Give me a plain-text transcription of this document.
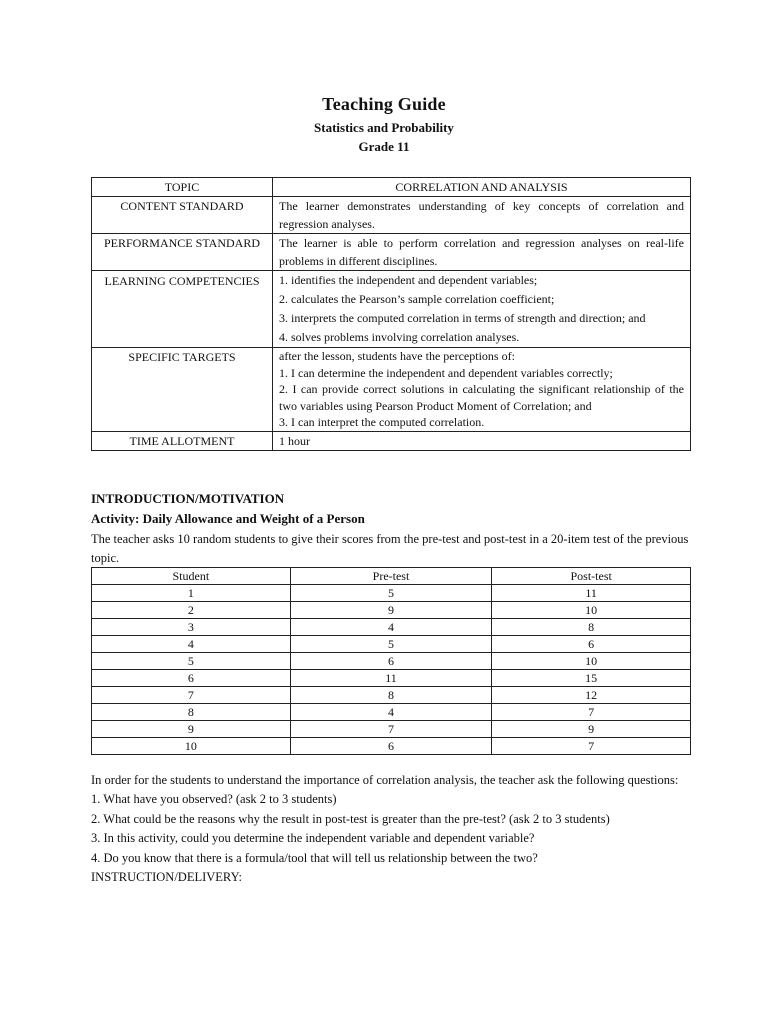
Teaching Guide
Statistics and Probability
Grade 11
TOPIC	CORRELATION AND ANALYSIS
CONTENT STANDARD	The learner demonstrates understanding of key concepts of correlation and regression analyses.
PERFORMANCE STANDARD	The learner is able to perform correlation and regression analyses on real-life problems in different disciplines.
LEARNING COMPETENCIES	1. identifies the independent and dependent variables;
2. calculates the Pearson’s sample correlation coefficient;
3. interprets the computed correlation in terms of strength and direction; and
4. solves problems involving correlation analyses.

SPECIFIC TARGETS	after the lesson, students have the perceptions of:
1. I can determine the independent and dependent variables correctly;
2. I can provide correct solutions in calculating the significant relationship of the two variables using Pearson Product Moment of Correlation; and
3. I can interpret the computed correlation.

TIME ALLOTMENT	1 hour
INTRODUCTION/MOTIVATION
Activity: Daily Allowance and Weight of a Person
The teacher asks 10 random students to give their scores from the pre-test and post-test in a 20-item test of the previous topic.
Student	Pre-test	Post-test
1	5	11
2	9	10
3	4	8
4	5	6
5	6	10
6	11	15
7	8	12
8	4	7
9	7	9
10	6	7
In order for the students to understand the importance of correlation analysis, the teacher ask the following questions:
1. What have you observed? (ask 2 to 3 students)
2. What could be the reasons why the result in post-test is greater than the pre-test? (ask 2 to 3 students)
3. In this activity, could you determine the independent variable and dependent variable?
4. Do you know that there is a formula/tool that will tell us relationship between the two?
INSTRUCTION/DELIVERY:
